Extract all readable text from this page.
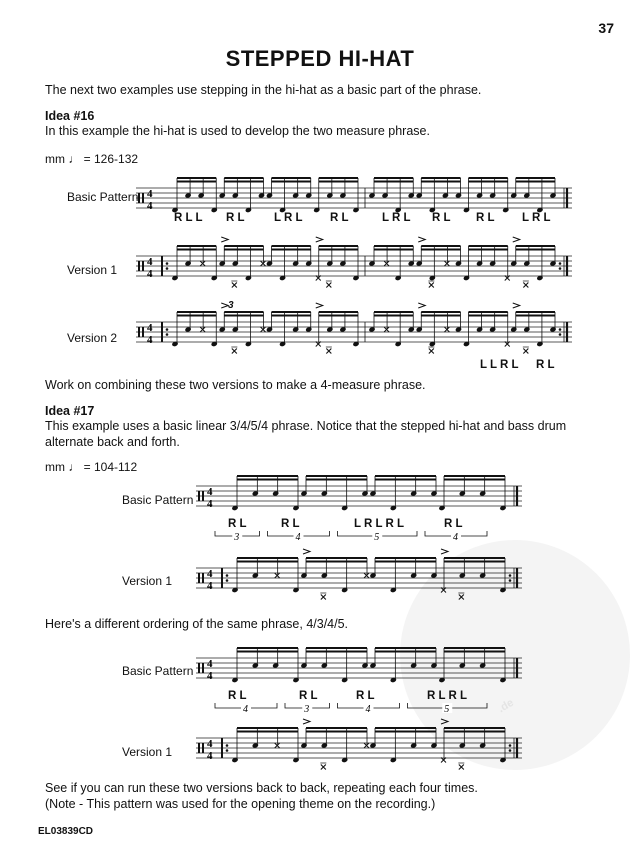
37
STEPPED HI-HAT
The next two examples use stepping in the hi-hat as a basic part of the phrase.
Idea #16
In this example the hi-hat is used to develop the two measure phrase.
mm ♩ = 126-132
Basic Pattern 4
4
R L L R L	L R L R L	L R L R L R L L R L
Version 1
4
4
Version 2
4
4
3
L L R L R L
Work on combining these two versions to make a 4-measure phrase.
Idea #17
This example uses a basic linear 3/4/5/4 phrase. Notice that the stepped hi-hat and bass drum alternate back and forth.
mm ♩ = 104-112
Basic Pattern
4
4
R L	R L	L R L R L	R L
3	4	5	4
Version 1	4
4
Here's a different ordering of the same phrase, 4/3/4/5.
Basic Pattern 4
4
R L	R L	R L	R L R L
4	3	4	5
Version 1
4
4
See if you can run these two versions back to back, repeating each four times.
(Note - This pattern was used for the opening theme on the recording.)
EL03839CD
.de
